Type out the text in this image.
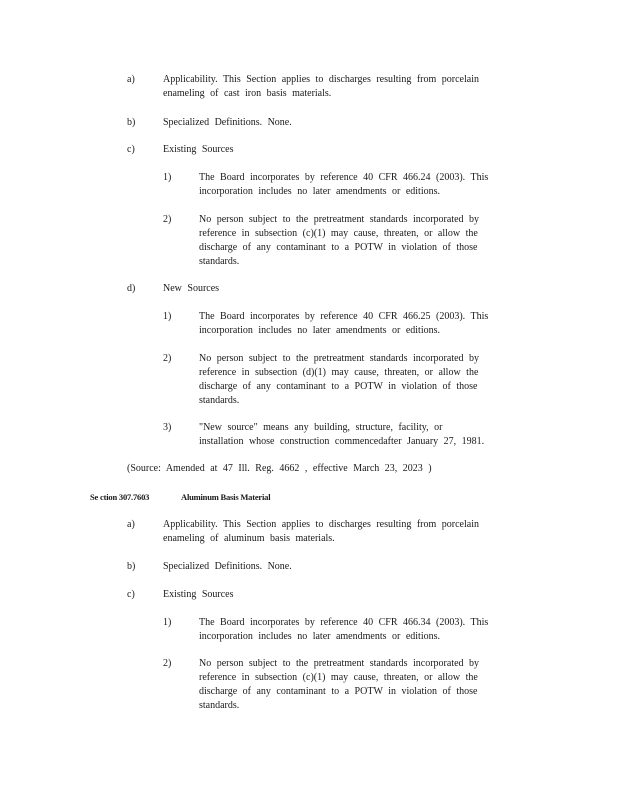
a)	Applicability. This Section applies to discharges resulting from porcelain
enameling of cast iron basis materials.
b)	Specialized Definitions. None.
c)	Existing Sources
1)	The Board incorporates by reference 40 CFR 466.24 (2003). This
incorporation includes no later amendments or editions.
2)	No person subject to the pretreatment standards incorporated by
reference in subsection (c)(1) may cause, threaten, or allow the
discharge of any contaminant to a POTW in violation of those
standards.
d)	New Sources
1)	The Board incorporates by reference 40 CFR 466.25 (2003). This
incorporation includes no later amendments or editions.
2)	No person subject to the pretreatment standards incorporated by
reference in subsection (d)(1) may cause, threaten, or allow the
discharge of any contaminant to a POTW in violation of those
standards.
3)	"New source" means any building, structure, facility, or
installation whose construction commencedafter January 27, 1981.
(Source: Amended at 47 Ill. Reg. 4662 , effective March 23, 2023 )
Se ction 307.7603	Aluminum Basis Material
a)	Applicability. This Section applies to discharges resulting from porcelain
enameling of aluminum basis materials.
b)	Specialized Definitions. None.
c)	Existing Sources
1)	The Board incorporates by reference 40 CFR 466.34 (2003). This
incorporation includes no later amendments or editions.
2)	No person subject to the pretreatment standards incorporated by
reference in subsection (c)(1) may cause, threaten, or allow the
discharge of any contaminant to a POTW in violation of those
standards.
